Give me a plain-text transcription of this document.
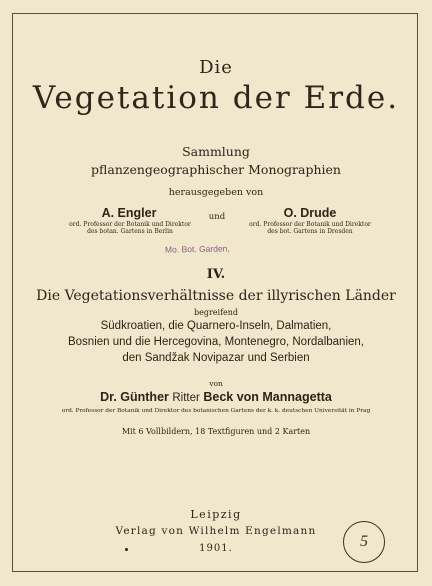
Die
Vegetation der Erde.
Sammlung
pflanzengeographischer Monographien
herausgegeben von
A. Engler	und	O. Drude
ord. Professor der Botanik und Direktor
des botan. Gartens in Berlin
ord. Professor der Botanik und Direktor
des bot. Gartens in Dresden
Mo. Bot. Garden,
IV.
Die Vegetationsverhältnisse der illyrischen Länder
begreifend
Südkroatien, die Quarnero-Inseln, Dalmatien,
Bosnien und die Hercegovina, Montenegro, Nordalbanien,
den Sandžak Novipazar und Serbien
von
Dr. Günther Ritter Beck von Mannagetta
ord. Professor der Botanik und Direktor des botanischen Gartens der k. k. deutschen Universität in Prag
Mit 6 Vollbildern, 18 Textfiguren und 2 Karten
Leipzig
Verlag von Wilhelm Engelmann
1901.	5
